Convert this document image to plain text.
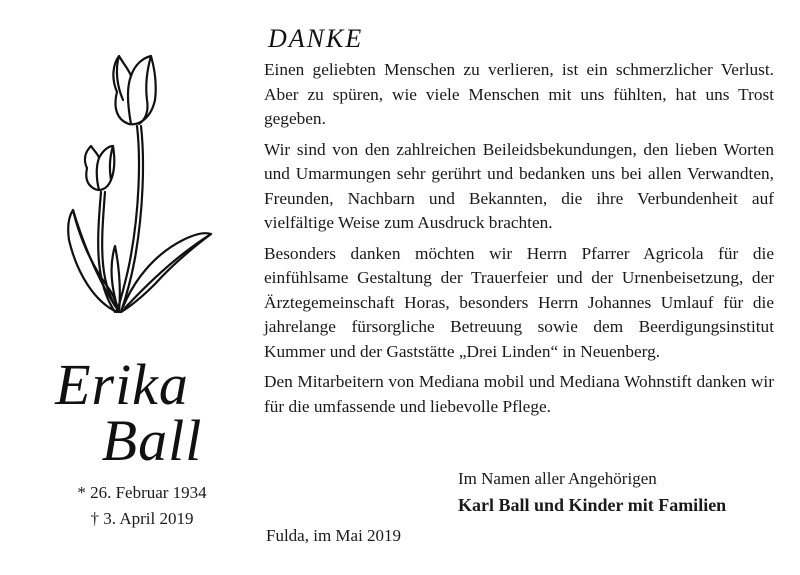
Erika
Ball
* 26. Februar 1934
† 3. April 2019
DANKE

Einen geliebten Menschen zu verlieren, ist ein schmerzlicher Verlust. Aber zu spüren, wie viele Menschen mit uns fühlten, hat uns Trost gegeben.

Wir sind von den zahlreichen Beileidsbekundungen, den lieben Worten und Umarmungen sehr gerührt und bedanken uns bei allen Verwandten, Freunden, Nachbarn und Bekannten, die ihre Verbundenheit auf vielfältige Weise zum Ausdruck brachten.

Besonders danken möchten wir Herrn Pfarrer Agricola für die einfühlsame Gestaltung der Trauerfeier und der Urnenbeisetzung, der Ärztegemeinschaft Horas, besonders Herrn Johannes Umlauf für die jahrelange fürsorgliche Betreuung sowie dem Beerdigungsinstitut Kummer und der Gaststätte „Drei Linden“ in Neuenberg.

Den Mitarbeitern von Mediana mobil und Mediana Wohnstift danken wir für die umfassende und liebevolle Pflege.

Im Namen aller Angehörigen
Karl Ball und Kinder mit Familien
Fulda, im Mai 2019
